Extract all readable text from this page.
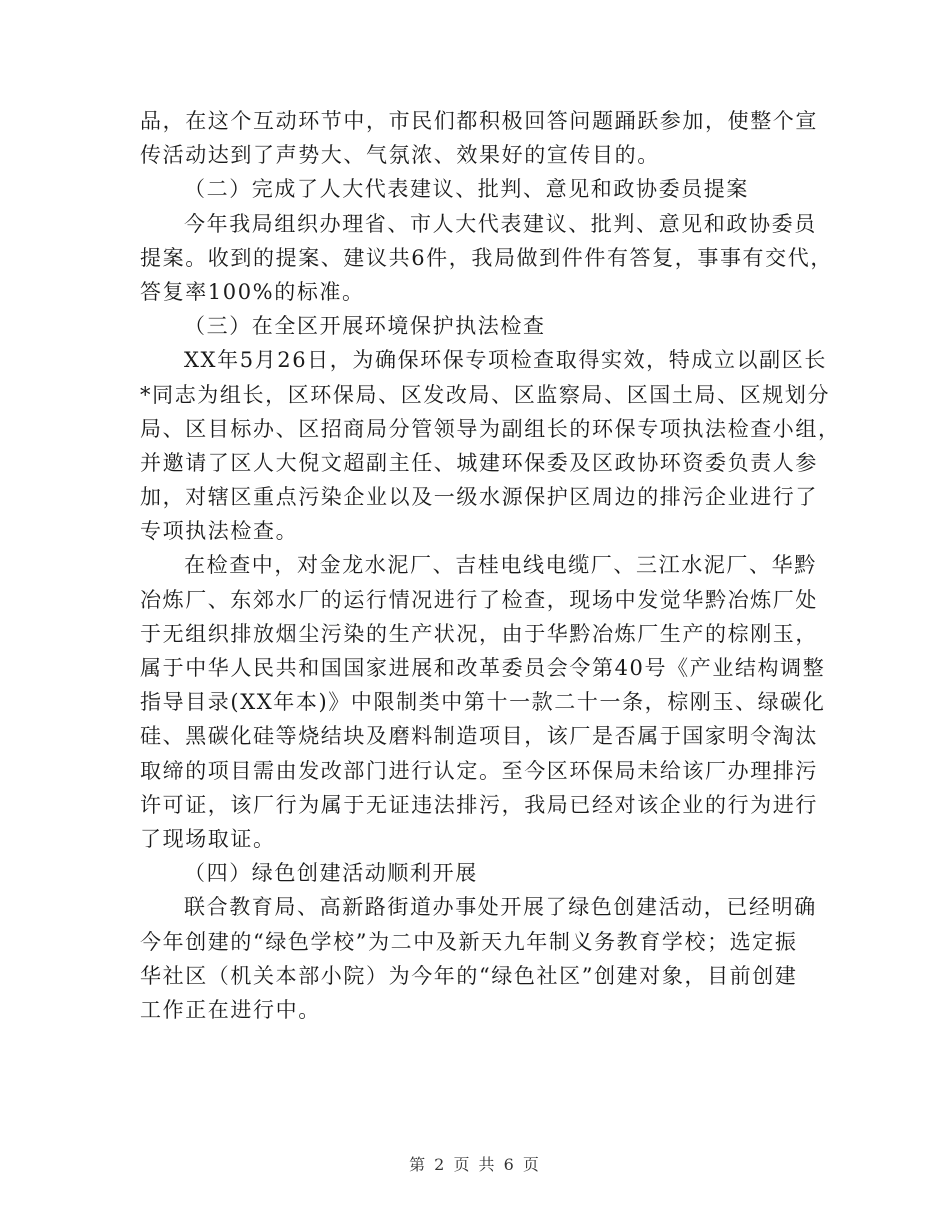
品，在这个互动环节中，市民们都积极回答问题踊跃参加，使整个宣
传活动达到了声势大、气氛浓、效果好的宣传目的。
（二）完成了人大代表建议、批判、意见和政协委员提案
今年我局组织办理省、市人大代表建议、批判、意见和政协委员
提案。收到的提案、建议共6件，我局做到件件有答复，事事有交代，
答复率100%的标准。
（三）在全区开展环境保护执法检查
XX年5月26日，为确保环保专项检查取得实效，特成立以副区长
*同志为组长，区环保局、区发改局、区监察局、区国土局、区规划分
局、区目标办、区招商局分管领导为副组长的环保专项执法检查小组，
并邀请了区人大倪文超副主任、城建环保委及区政协环资委负责人参
加，对辖区重点污染企业以及一级水源保护区周边的排污企业进行了
专项执法检查。
在检查中，对金龙水泥厂、吉桂电线电缆厂、三江水泥厂、华黔
冶炼厂、东郊水厂的运行情况进行了检查，现场中发觉华黔冶炼厂处
于无组织排放烟尘污染的生产状况，由于华黔冶炼厂生产的棕刚玉，
属于中华人民共和国国家进展和改革委员会令第40号《产业结构调整
指导目录(XX年本)》中限制类中第十一款二十一条，棕刚玉、绿碳化
硅、黑碳化硅等烧结块及磨料制造项目，该厂是否属于国家明令淘汰
取缔的项目需由发改部门进行认定。至今区环保局未给该厂办理排污
许可证，该厂行为属于无证违法排污，我局已经对该企业的行为进行
了现场取证。
（四）绿色创建活动顺利开展
联合教育局、高新路街道办事处开展了绿色创建活动，已经明确
今年创建的“绿色学校”为二中及新天九年制义务教育学校；选定振
华社区（机关本部小院）为今年的“绿色社区”创建对象，目前创建
工作正在进行中。
第 2 页 共 6 页
